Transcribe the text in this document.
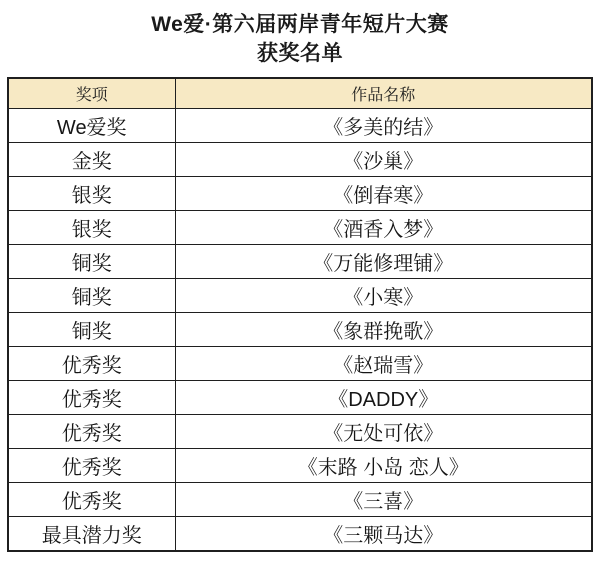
We爱·第六届两岸青年短片大赛
获奖名单
奖项	作品名称
We爱奖	《多美的结》
金奖	《沙巢》
银奖	《倒春寒》
银奖	《酒香入梦》
铜奖	《万能修理铺》
铜奖	《小寒》
铜奖	《象群挽歌》
优秀奖	《赵瑞雪》
优秀奖	《DADDY》
优秀奖	《无处可依》
优秀奖	《末路 小岛 恋人》
优秀奖	《三喜》
最具潜力奖	《三颗马达》
